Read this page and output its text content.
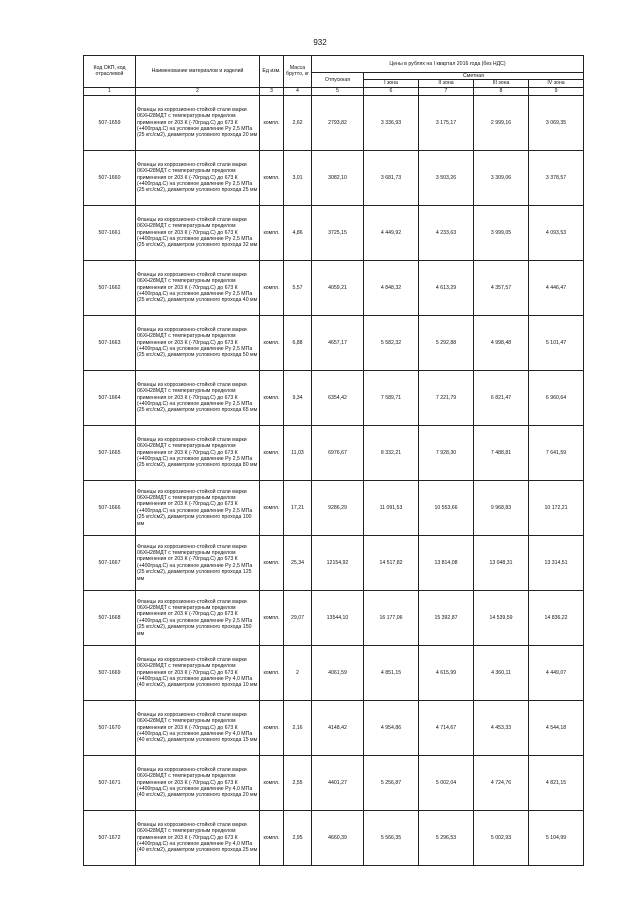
932
Код ОКП, код отраслевой	Наименование материалов и изделий	Ед изм.	Масса брутто, кг	Цены в рублях на I квартал 2016 года (без НДС)				
				Отпускная	Сметная			
					I зона	II зона	III зона	IV зона
1	2	3	4	5	6	7	8	9
507-1659	Фланцы из коррозионно-стойкой стали марки 06ХН28МДТ с температурным пределом применения от 203 К (-70град.С) до 673 К (+400град.С) на условное давление Ру 2,5 МПа (25 кгс/см2), диаметром условного прохода 20 мм	компл.	2,62	2793,82	3 336,93	3 175,17	2 999,16	3 069,35
507-1660	Фланцы из коррозионно-стойкой стали марки 06ХН28МДТ с температурным пределом применения от 203 К (-70град.С) до 673 К (+400град.С) на условное давление Ру 2,5 МПа (25 кгс/см2), диаметром условного прохода 25 мм	компл.	3,01	3082,10	3 681,73	3 503,26	3 309,06	3 378,57
507-1661	Фланцы из коррозионно-стойкой стали марки 06ХН28МДТ с температурным пределом применения от 203 К (-70град.С) до 673 К (+400град.С) на условное давление Ру 2,5 МПа (25 кгс/см2), диаметром условного прохода 32 мм	компл.	4,86	3725,15	4 449,92	4 233,63	3 999,05	4 093,53
507-1662	Фланцы из коррозионно-стойкой стали марки 06ХН28МДТ с температурным пределом применения от 203 К (-70град.С) до 673 К (+400град.С) на условное давление Ру 2,5 МПа (25 кгс/см2), диаметром условного прохода 40 мм	компл.	5,57	4059,21	4 848,32	4 613,29	4 357,57	4 446,47
507-1663	Фланцы из коррозионно-стойкой стали марки 06ХН28МДТ с температурным пределом применения от 203 К (-70град.С) до 673 К (+400град.С) на условное давление Ру 2,5 МПа (25 кгс/см2), диаметром условного прохода 50 мм	компл.	6,88	4657,17	5 582,32	5 292,88	4 998,48	5 101,47
507-1664	Фланцы из коррозионно-стойкой стали марки 06ХН28МДТ с температурным пределом применения от 203 К (-70град.С) до 673 К (+400град.С) на условное давление Ру 2,5 МПа (25 кгс/см2), диаметром условного прохода 65 мм	компл.	9,34	6354,42	7 589,71	7 221,79	6 821,47	6 960,64
507-1665	Фланцы из коррозионно-стойкой стали марки 06ХН28МДТ с температурным пределом применения от 203 К (-70град.С) до 673 К (+400град.С) на условное давление Ру 2,5 МПа (25 кгс/см2), диаметром условного прохода 80 мм	компл.	11,03	6976,67	8 332,21	7 928,30	7 488,81	7 641,59
507-1666	Фланцы из коррозионно-стойкой стали марки 06ХН28МДТ с температурным пределом применения от 203 К (-70град.С) до 673 К (+400град.С) на условное давление Ру 2,5 МПа (25 кгс/см2), диаметром условного прохода 100 мм	компл.	17,21	9286,29	11 091,53	10 553,66	9 968,83	10 172,21
507-1667	Фланцы из коррозионно-стойкой стали марки 06ХН28МДТ с температурным пределом применения от 203 К (-70град.С) до 673 К (+400град.С) на условное давление Ру 2,5 МПа (25 кгс/см2), диаметром условного прохода 125 мм	компл.	25,34	12154,92	14 517,82	13 814,08	13 048,31	13 314,51
507-1668	Фланцы из коррозионно-стойкой стали марки 06ХН28МДТ с температурным пределом применения от 203 К (-70град.С) до 673 К (+400град.С) на условное давление Ру 2,5 МПа (25 кгс/см2), диаметром условного прохода 150 мм	компл.	29,07	13544,10	16 177,06	15 392,87	14 539,59	14 836,22
507-1669	Фланцы из коррозионно-стойкой стали марки 06ХН28МДТ с температурным пределом применения от 203 К (-70град.С) до 673 К (+400град.С) на условное давление Ру 4,0 МПа (40 кгс/см2), диаметром условного прохода 10 мм	компл.	2	4061,59	4 851,15	4 615,99	4 360,11	4 449,07
507-1670	Фланцы из коррозионно-стойкой стали марки 06ХН28МДТ с температурным пределом применения от 203 К (-70град.С) до 673 К (+400град.С) на условное давление Ру 4,0 МПа (40 кгс/см2), диаметром условного прохода 15 мм	компл.	2,16	4148,42	4 954,86	4 714,67	4 453,33	4 544,18
507-1671	Фланцы из коррозионно-стойкой стали марки 06ХН28МДТ с температурным пределом применения от 203 К (-70град.С) до 673 К (+400град.С) на условное давление Ру 4,0 МПа (40 кгс/см2), диаметром условного прохода 20 мм	компл.	2,55	4401,27	5 256,87	5 002,04	4 724,76	4 821,15
507-1672	Фланцы из коррозионно-стойкой стали марки 06ХН28МДТ с температурным пределом применения от 203 К (-70град.С) до 673 К (+400град.С) на условное давление Ру 4,0 МПа (40 кгс/см2), диаметром условного прохода 25 мм	компл.	2,95	4660,39	5 566,35	5 296,53	5 002,93	5 104,99
